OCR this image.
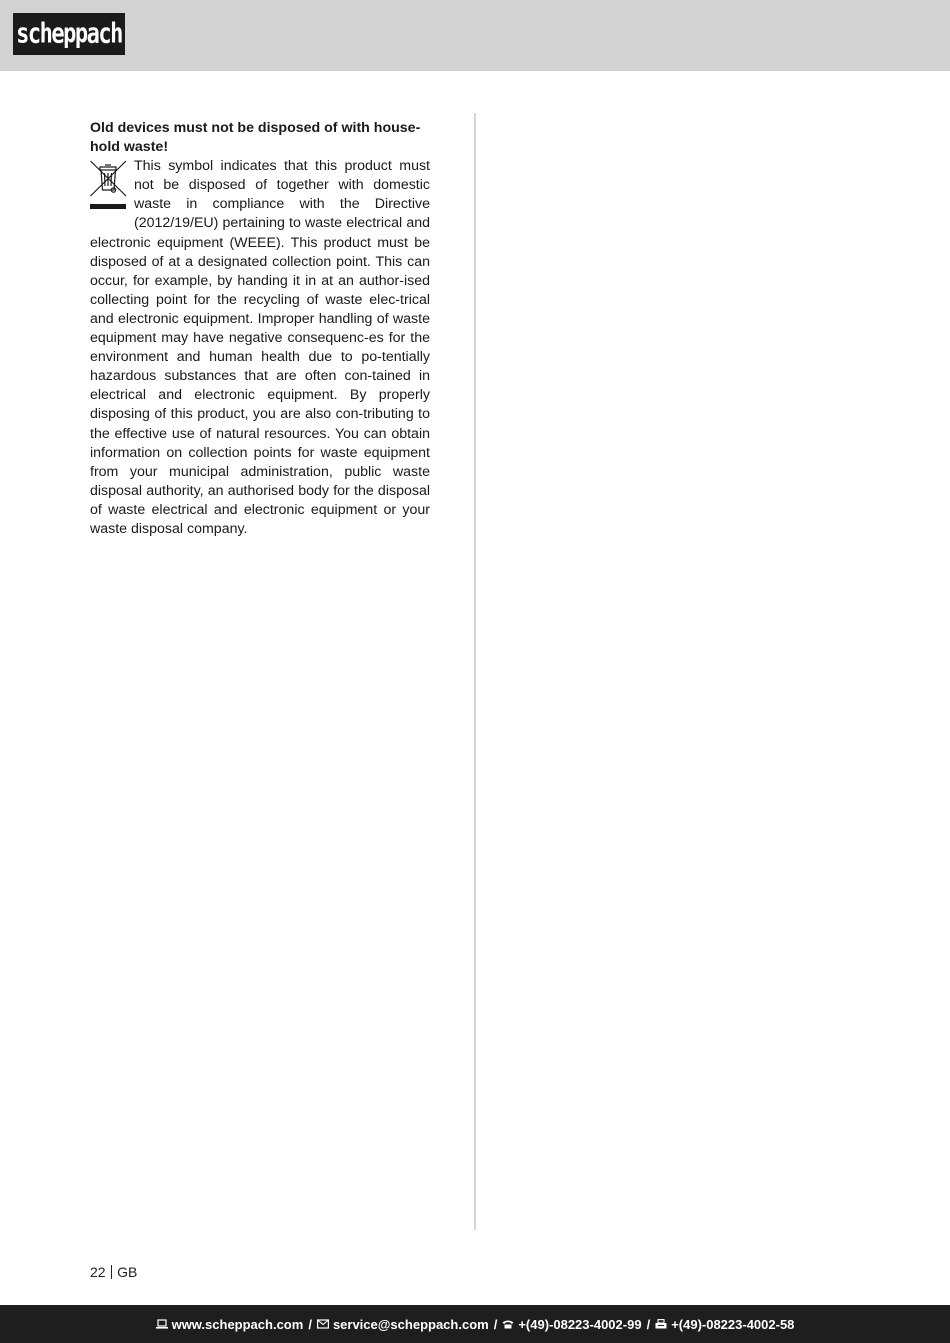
scheppach

Old devices must not be disposed of with house-hold waste!

This symbol indicates that this product must not be disposed of together with domestic waste in compliance with the Directive (2012/19/EU) pertaining to waste electrical and electronic equipment (WEEE). This product must be disposed of at a designated collection point. This can occur, for example, by handing it in at an author-ised collecting point for the recycling of waste elec-trical and electronic equipment. Improper handling of waste equipment may have negative consequenc-es for the environment and human health due to po-tentially hazardous substances that are often con-tained in electrical and electronic equipment. By properly disposing of this product, you are also con-tributing to the effective use of natural resources. You can obtain information on collection points for waste equipment from your municipal administration, public waste disposal authority, an authorised body for the disposal of waste electrical and electronic equipment or your waste disposal company.

22 GB
www.scheppach.com / service@scheppach.com / +(49)-08223-4002-99 / +(49)-08223-4002-58
